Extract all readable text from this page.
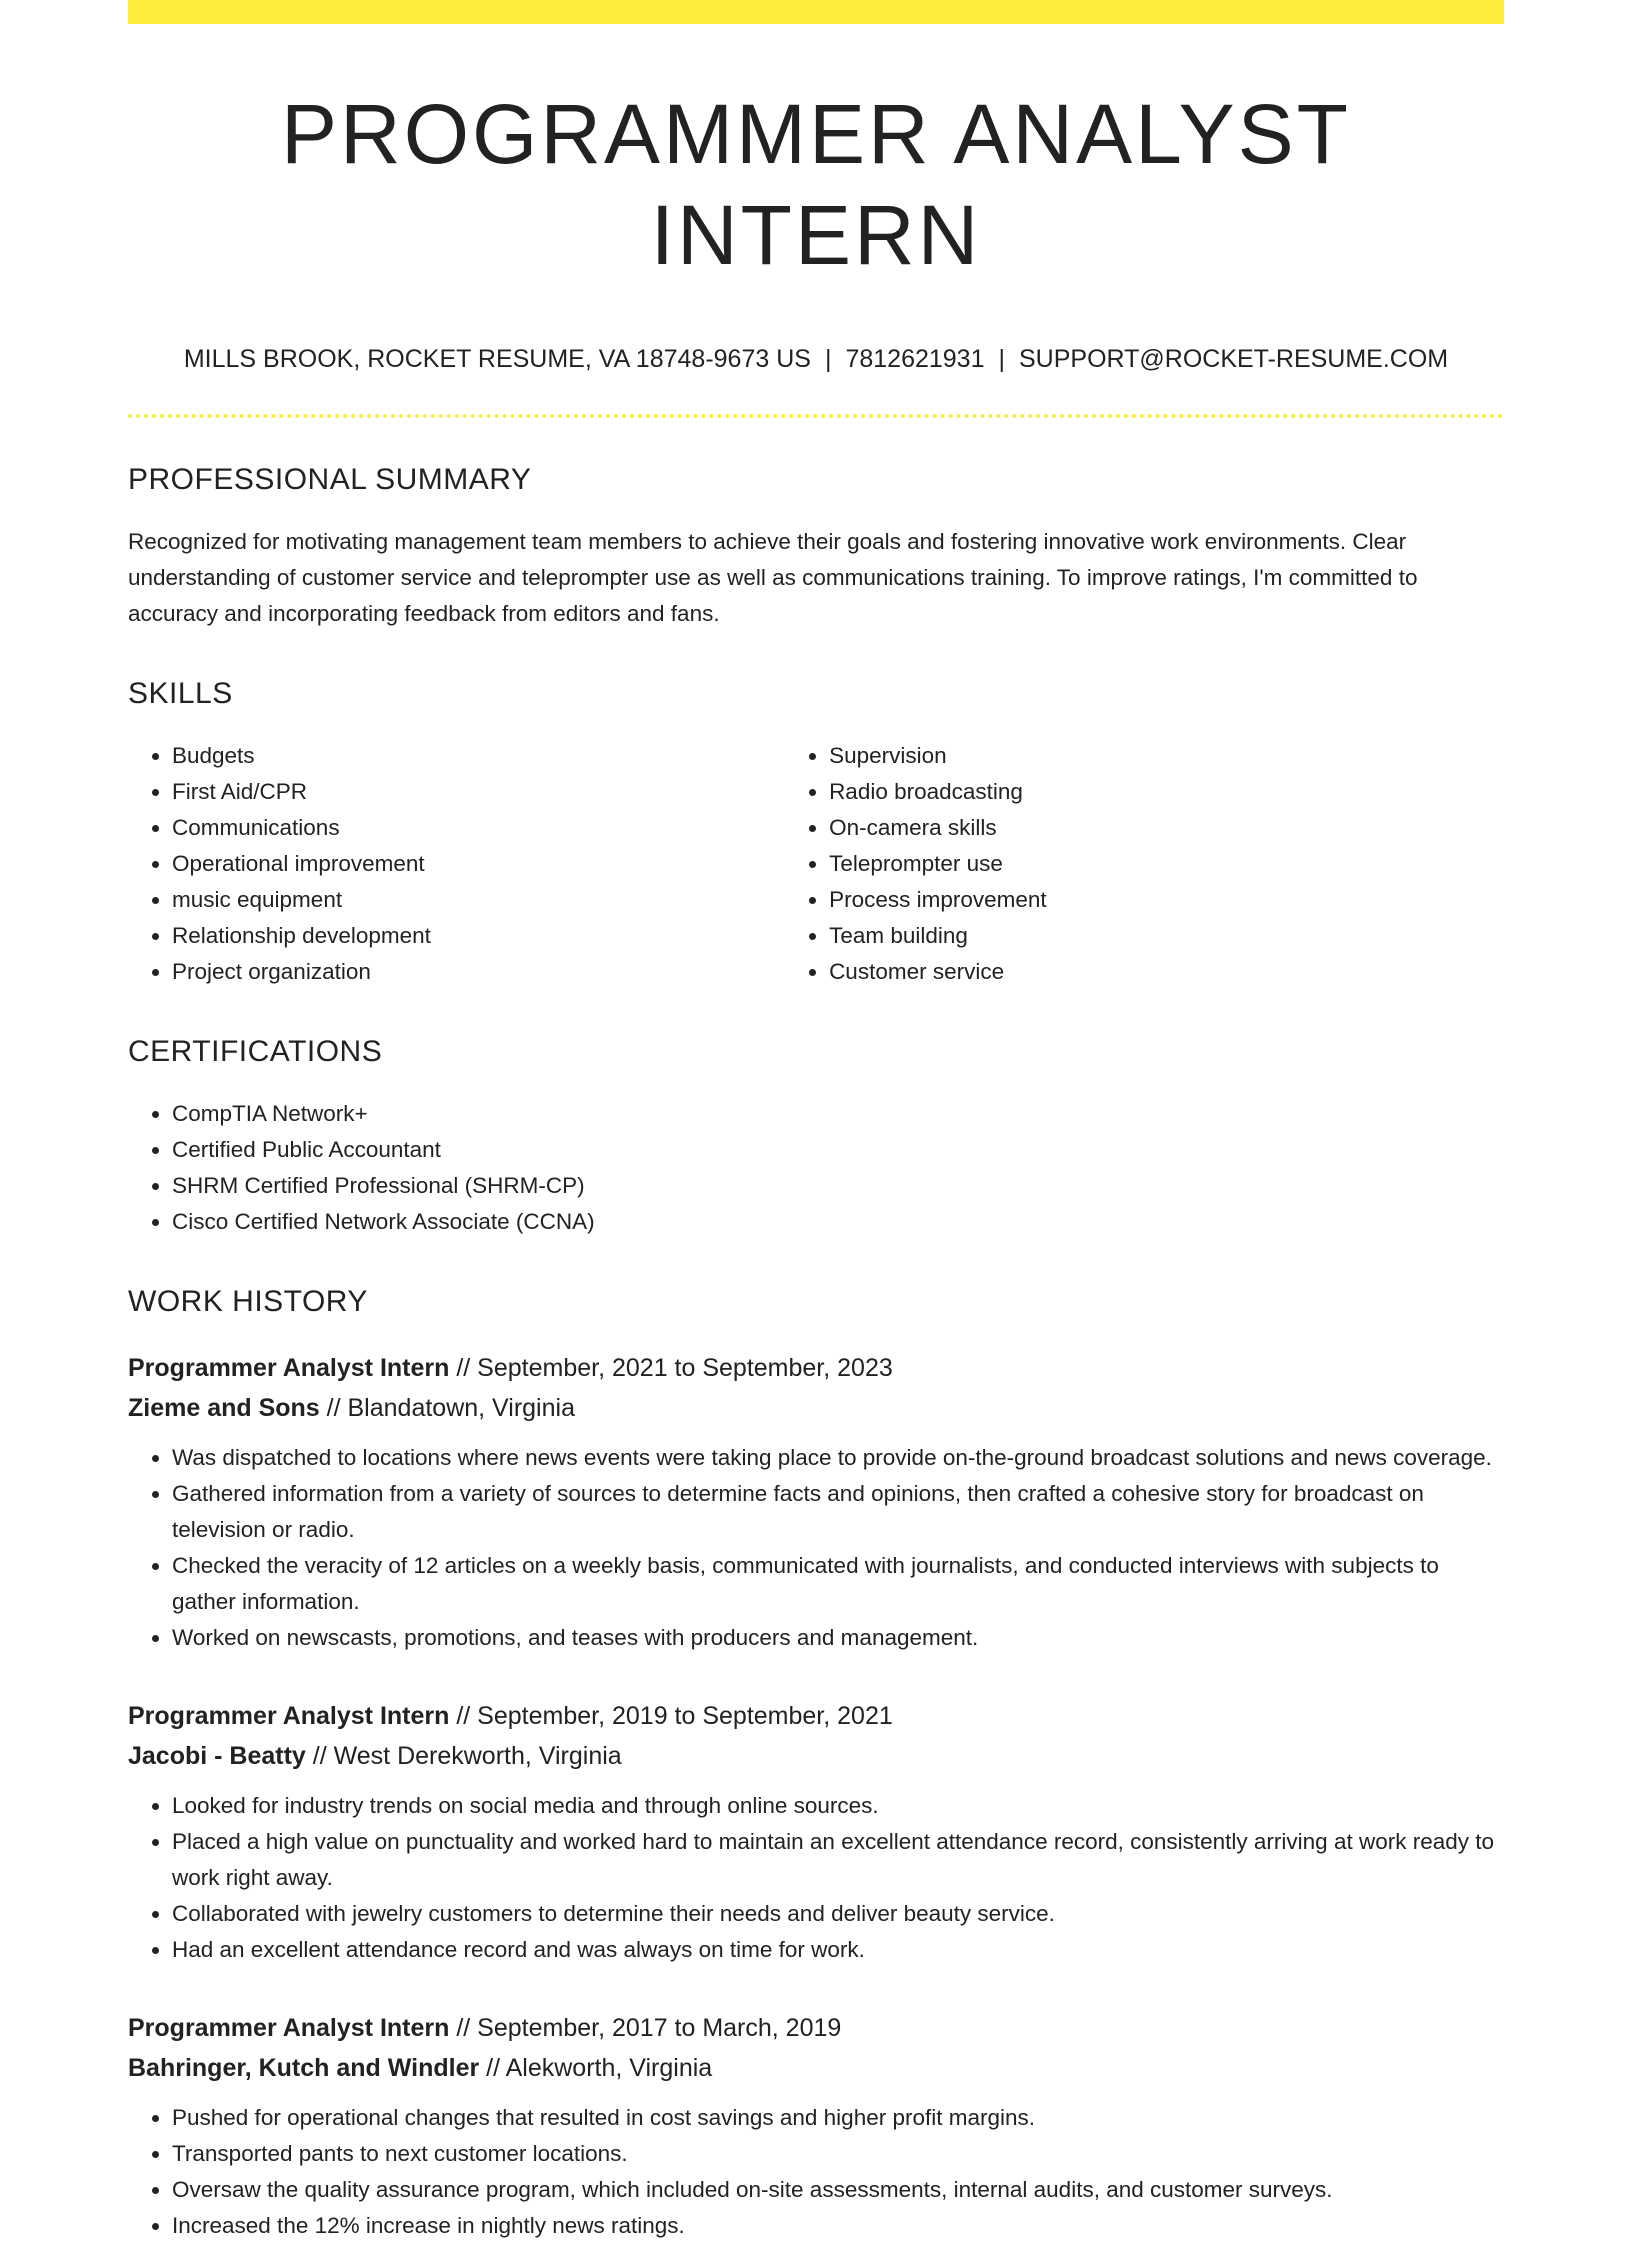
PROGRAMMER ANALYST INTERN
MILLS BROOK, ROCKET RESUME, VA 18748-9673 US | 7812621931 | SUPPORT@ROCKET-RESUME.COM
PROFESSIONAL SUMMARY

Recognized for motivating management team members to achieve their goals and fostering innovative work environments. Clear understanding of customer service and teleprompter use as well as communications training. To improve ratings, I'm committed to accuracy and incorporating feedback from editors and fans.

SKILLS
• Budgets
• First Aid/CPR
• Communications
• Operational improvement
• music equipment
• Relationship development
• Project organization
• Supervision
• Radio broadcasting
• On-camera skills
• Teleprompter use
• Process improvement
• Team building
• Customer service
CERTIFICATIONS
• CompTIA Network+
• Certified Public Accountant
• SHRM Certified Professional (SHRM-CP)
• Cisco Certified Network Associate (CCNA)
WORK HISTORY
Programmer Analyst Intern // September, 2021 to September, 2023
Zieme and Sons // Blandatown, Virginia
• Was dispatched to locations where news events were taking place to provide on-the-ground broadcast solutions and news coverage.
• Gathered information from a variety of sources to determine facts and opinions, then crafted a cohesive story for broadcast on television or radio.
• Checked the veracity of 12 articles on a weekly basis, communicated with journalists, and conducted interviews with subjects to gather information.
• Worked on newscasts, promotions, and teases with producers and management.
Programmer Analyst Intern // September, 2019 to September, 2021
Jacobi - Beatty // West Derekworth, Virginia
• Looked for industry trends on social media and through online sources.
• Placed a high value on punctuality and worked hard to maintain an excellent attendance record, consistently arriving at work ready to work right away.
• Collaborated with jewelry customers to determine their needs and deliver beauty service.
• Had an excellent attendance record and was always on time for work.
Programmer Analyst Intern // September, 2017 to March, 2019
Bahringer, Kutch and Windler // Alekworth, Virginia
• Pushed for operational changes that resulted in cost savings and higher profit margins.
• Transported pants to next customer locations.
• Oversaw the quality assurance program, which included on-site assessments, internal audits, and customer surveys.
• Increased the 12% increase in nightly news ratings.
